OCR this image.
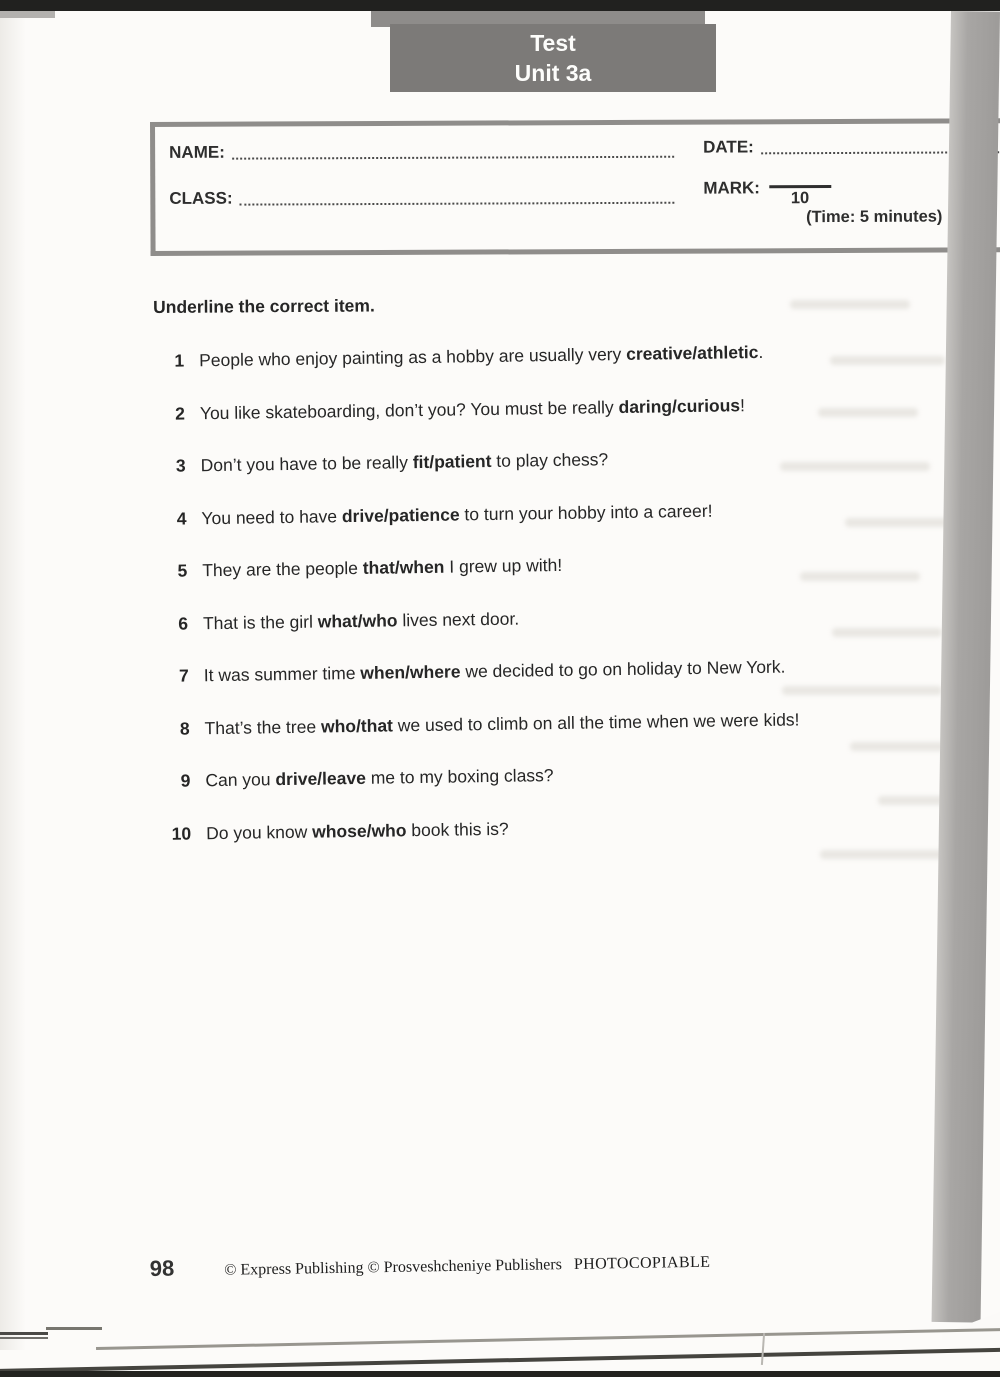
Test
Unit 3a
NAME:	DATE:
CLASS:
MARK:
10
(Time: 5 minutes)
Underline the correct item.
1 People who enjoy painting as a hobby are usually very creative/athletic.
2 You like skateboarding, don’t you? You must be really daring/curious!
3 Don’t you have to be really fit/patient to play chess?
4 You need to have drive/patience to turn your hobby into a career!
5 They are the people that/when I grew up with!
6 That is the girl what/who lives next door.
7 It was summer time when/where we decided to go on holiday to New York.
8 That’s the tree who/that we used to climb on all the time when we were kids!
9 Can you drive/leave me to my boxing class?
10 Do you know whose/who book this is?
98	© Express Publishing © Prosveshcheniye Publishers PHOTOCOPIABLE
